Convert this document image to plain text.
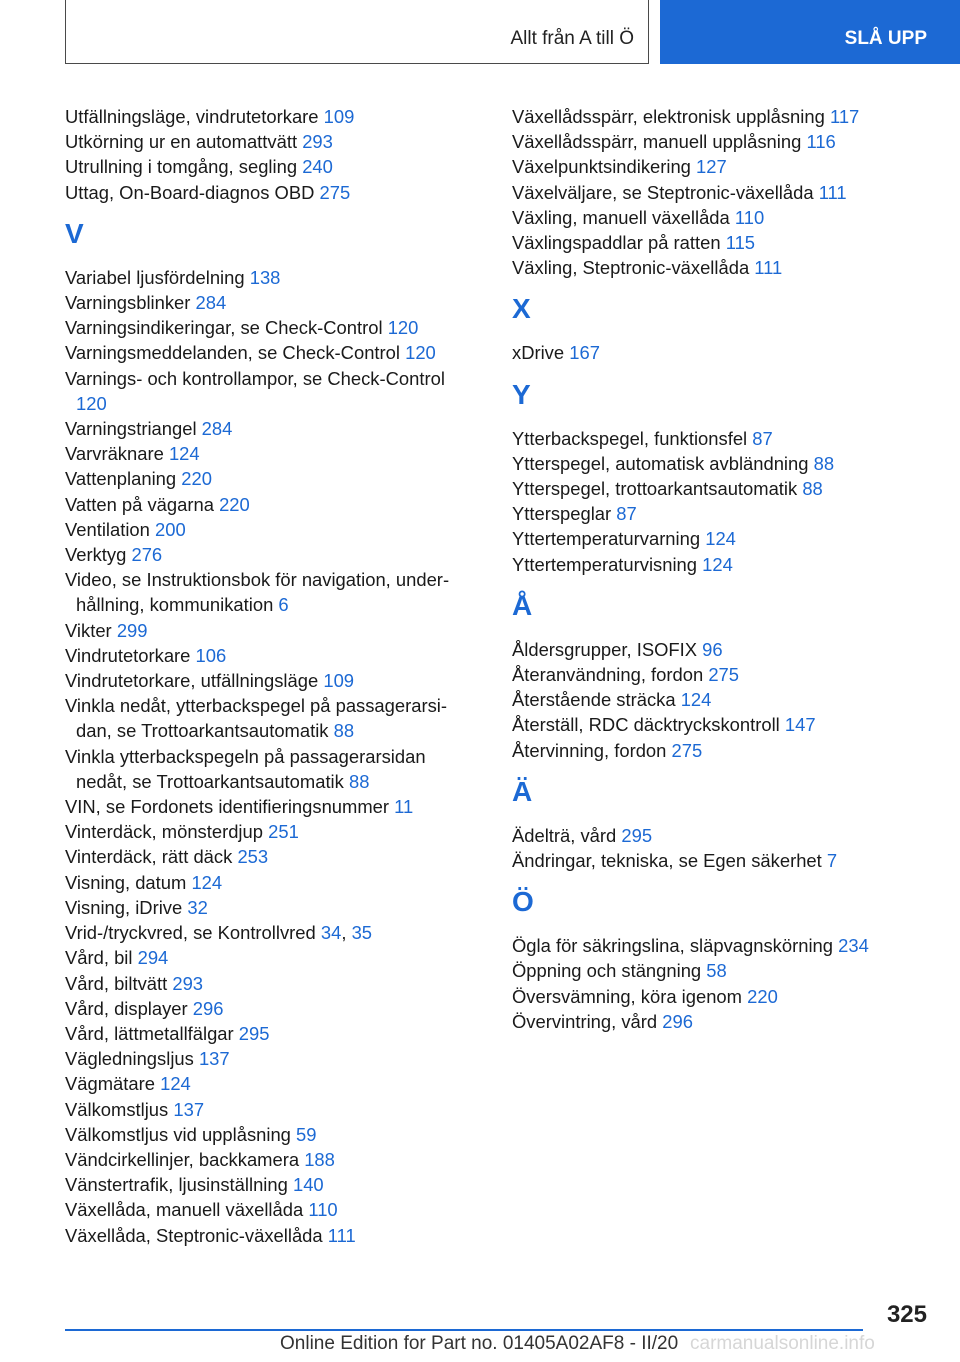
Allt från A till Ö	SLÅ UPP
Utfällningsläge, vindrutetorkare 109
Utkörning ur en automattvätt 293
Utrullning i tomgång, segling 240
Uttag, On-Board-diagnos OBD 275
V
Variabel ljusfördelning 138
Varningsblinker 284
Varningsindikeringar, se Check-Control 120
Varningsmeddelanden, se Check-Control 120
Varnings- och kontrollampor, se Check-Control 120
Varningstriangel 284
Varvräknare 124
Vattenplaning 220
Vatten på vägarna 220
Ventilation 200
Verktyg 276
Video, se Instruktionsbok för navigation, underhållning, kommunikation 6
Vikter 299
Vindrutetorkare 106
Vindrutetorkare, utfällningsläge 109
Vinkla nedåt, ytterbackspegel på passagerarsidan, se Trottoarkantsautomatik 88
Vinkla ytterbackspegeln på passagerarsidan nedåt, se Trottoarkantsautomatik 88
VIN, se Fordonets identifieringsnummer 11
Vinterdäck, mönsterdjup 251
Vinterdäck, rätt däck 253
Visning, datum 124
Visning, iDrive 32
Vrid-/tryckvred, se Kontrollvred 34, 35
Vård, bil 294
Vård, biltvätt 293
Vård, displayer 296
Vård, lättmetallfälgar 295
Vägledningsljus 137
Vägmätare 124
Välkomstljus 137
Välkomstljus vid upplåsning 59
Vändcirkellinjer, backkamera 188
Vänstertrafik, ljusinställning 140
Växellåda, manuell växellåda 110
Växellåda, Steptronic-växellåda 111
Växellådsspärr, elektronisk upplåsning 117
Växellådsspärr, manuell upplåsning 116
Växelpunktsindikering 127
Växelväljare, se Steptronic-växellåda 111
Växling, manuell växellåda 110
Växlingspaddlar på ratten 115
Växling, Steptronic-växellåda 111
X
xDrive 167
Y
Ytterbackspegel, funktionsfel 87
Ytterspegel, automatisk avbländning 88
Ytterspegel, trottoarkantsautomatik 88
Ytterspeglar 87
Yttertemperaturvarning 124
Yttertemperaturvisning 124
Å
Åldersgrupper, ISOFIX 96
Återanvändning, fordon 275
Återstående sträcka 124
Återställ, RDC däcktryckskontroll 147
Återvinning, fordon 275
Ä
Ädelträ, vård 295
Ändringar, tekniska, se Egen säkerhet 7
Ö
Ögla för säkringslina, släpvagnskörning 234
Öppning och stängning 58
Översvämning, köra igenom 220
Övervintring, vård 296
325
Online Edition for Part no. 01405A02AF8 - II/20 carmanualsonline.info
